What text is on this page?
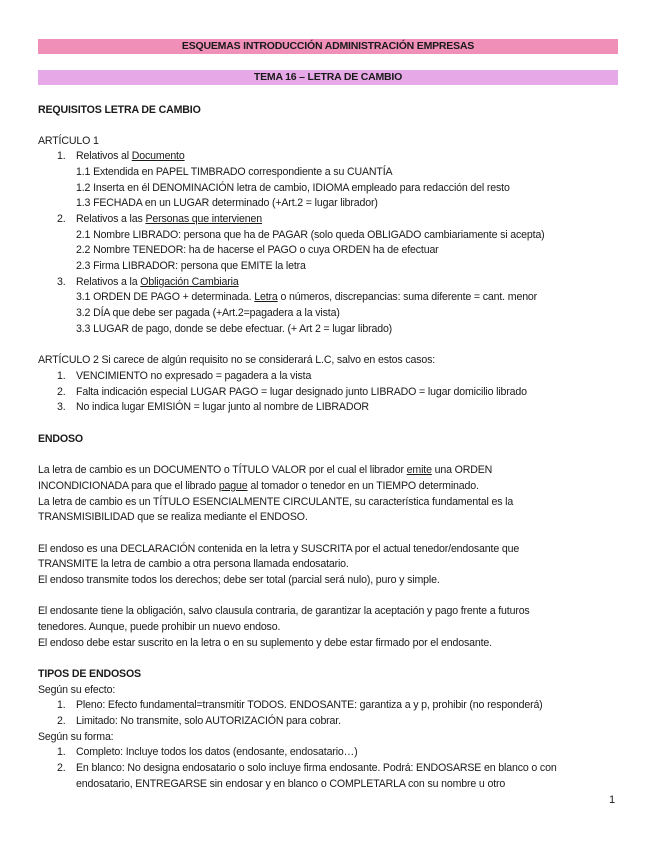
ESQUEMAS INTRODUCCIÓN ADMINISTRACIÓN EMPRESAS
TEMA 16 – LETRA DE CAMBIO
REQUISITOS LETRA DE CAMBIO
ARTÍCULO 1
1. Relativos al Documento
1.1 Extendida en PAPEL TIMBRADO correspondiente a su CUANTÍA
1.2 Inserta en él DENOMINACIÓN letra de cambio, IDIOMA empleado para redacción del resto
1.3 FECHADA en un LUGAR determinado (+Art.2 = lugar librador)
2. Relativos a las Personas que intervienen
2.1 Nombre LIBRADO: persona que ha de PAGAR (solo queda OBLIGADO cambiariamente si acepta)
2.2 Nombre TENEDOR: ha de hacerse el PAGO o cuya ORDEN ha de efectuar
2.3 Firma LIBRADOR: persona que EMITE la letra
3. Relativos a la Obligación Cambiaria
3.1 ORDEN DE PAGO + determinada. Letra o números, discrepancias: suma diferente = cant. menor
3.2 DÍA que debe ser pagada (+Art.2=pagadera a la vista)
3.3 LUGAR de pago, donde se debe efectuar. (+ Art 2 = lugar librado)
ARTÍCULO 2 Si carece de algún requisito no se considerará L.C, salvo en estos casos:
1. VENCIMIENTO no expresado = pagadera a la vista
2. Falta indicación especial LUGAR PAGO = lugar designado junto LIBRADO = lugar domicilio librado
3. No indica lugar EMISIÓN = lugar junto al nombre de LIBRADOR
ENDOSO
La letra de cambio es un DOCUMENTO o TÍTULO VALOR por el cual el librador emite una ORDEN
INCONDICIONADA para que el librado pague al tomador o tenedor en un TIEMPO determinado.
La letra de cambio es un TÍTULO ESENCIALMENTE CIRCULANTE, su característica fundamental es la
TRANSMISIBILIDAD que se realiza mediante el ENDOSO.
El endoso es una DECLARACIÓN contenida en la letra y SUSCRITA por el actual tenedor/endosante que
TRANSMITE la letra de cambio a otra persona llamada endosatario.
El endoso transmite todos los derechos; debe ser total (parcial será nulo), puro y simple.
El endosante tiene la obligación, salvo clausula contraria, de garantizar la aceptación y pago frente a futuros
tenedores. Aunque, puede prohibir un nuevo endoso.
El endoso debe estar suscrito en la letra o en su suplemento y debe estar firmado por el endosante.
TIPOS DE ENDOSOS
Según su efecto:
1. Pleno: Efecto fundamental=transmitir TODOS. ENDOSANTE: garantiza a y p, prohibir (no responderá)
2. Limitado: No transmite, solo AUTORIZACIÓN para cobrar.
Según su forma:
1. Completo: Incluye todos los datos (endosante, endosatario…)
2. En blanco: No designa endosatario o solo incluye firma endosante. Podrá: ENDOSARSE en blanco o con
endosatario, ENTREGARSE sin endosar y en blanco o COMPLETARLA con su nombre u otro
1
